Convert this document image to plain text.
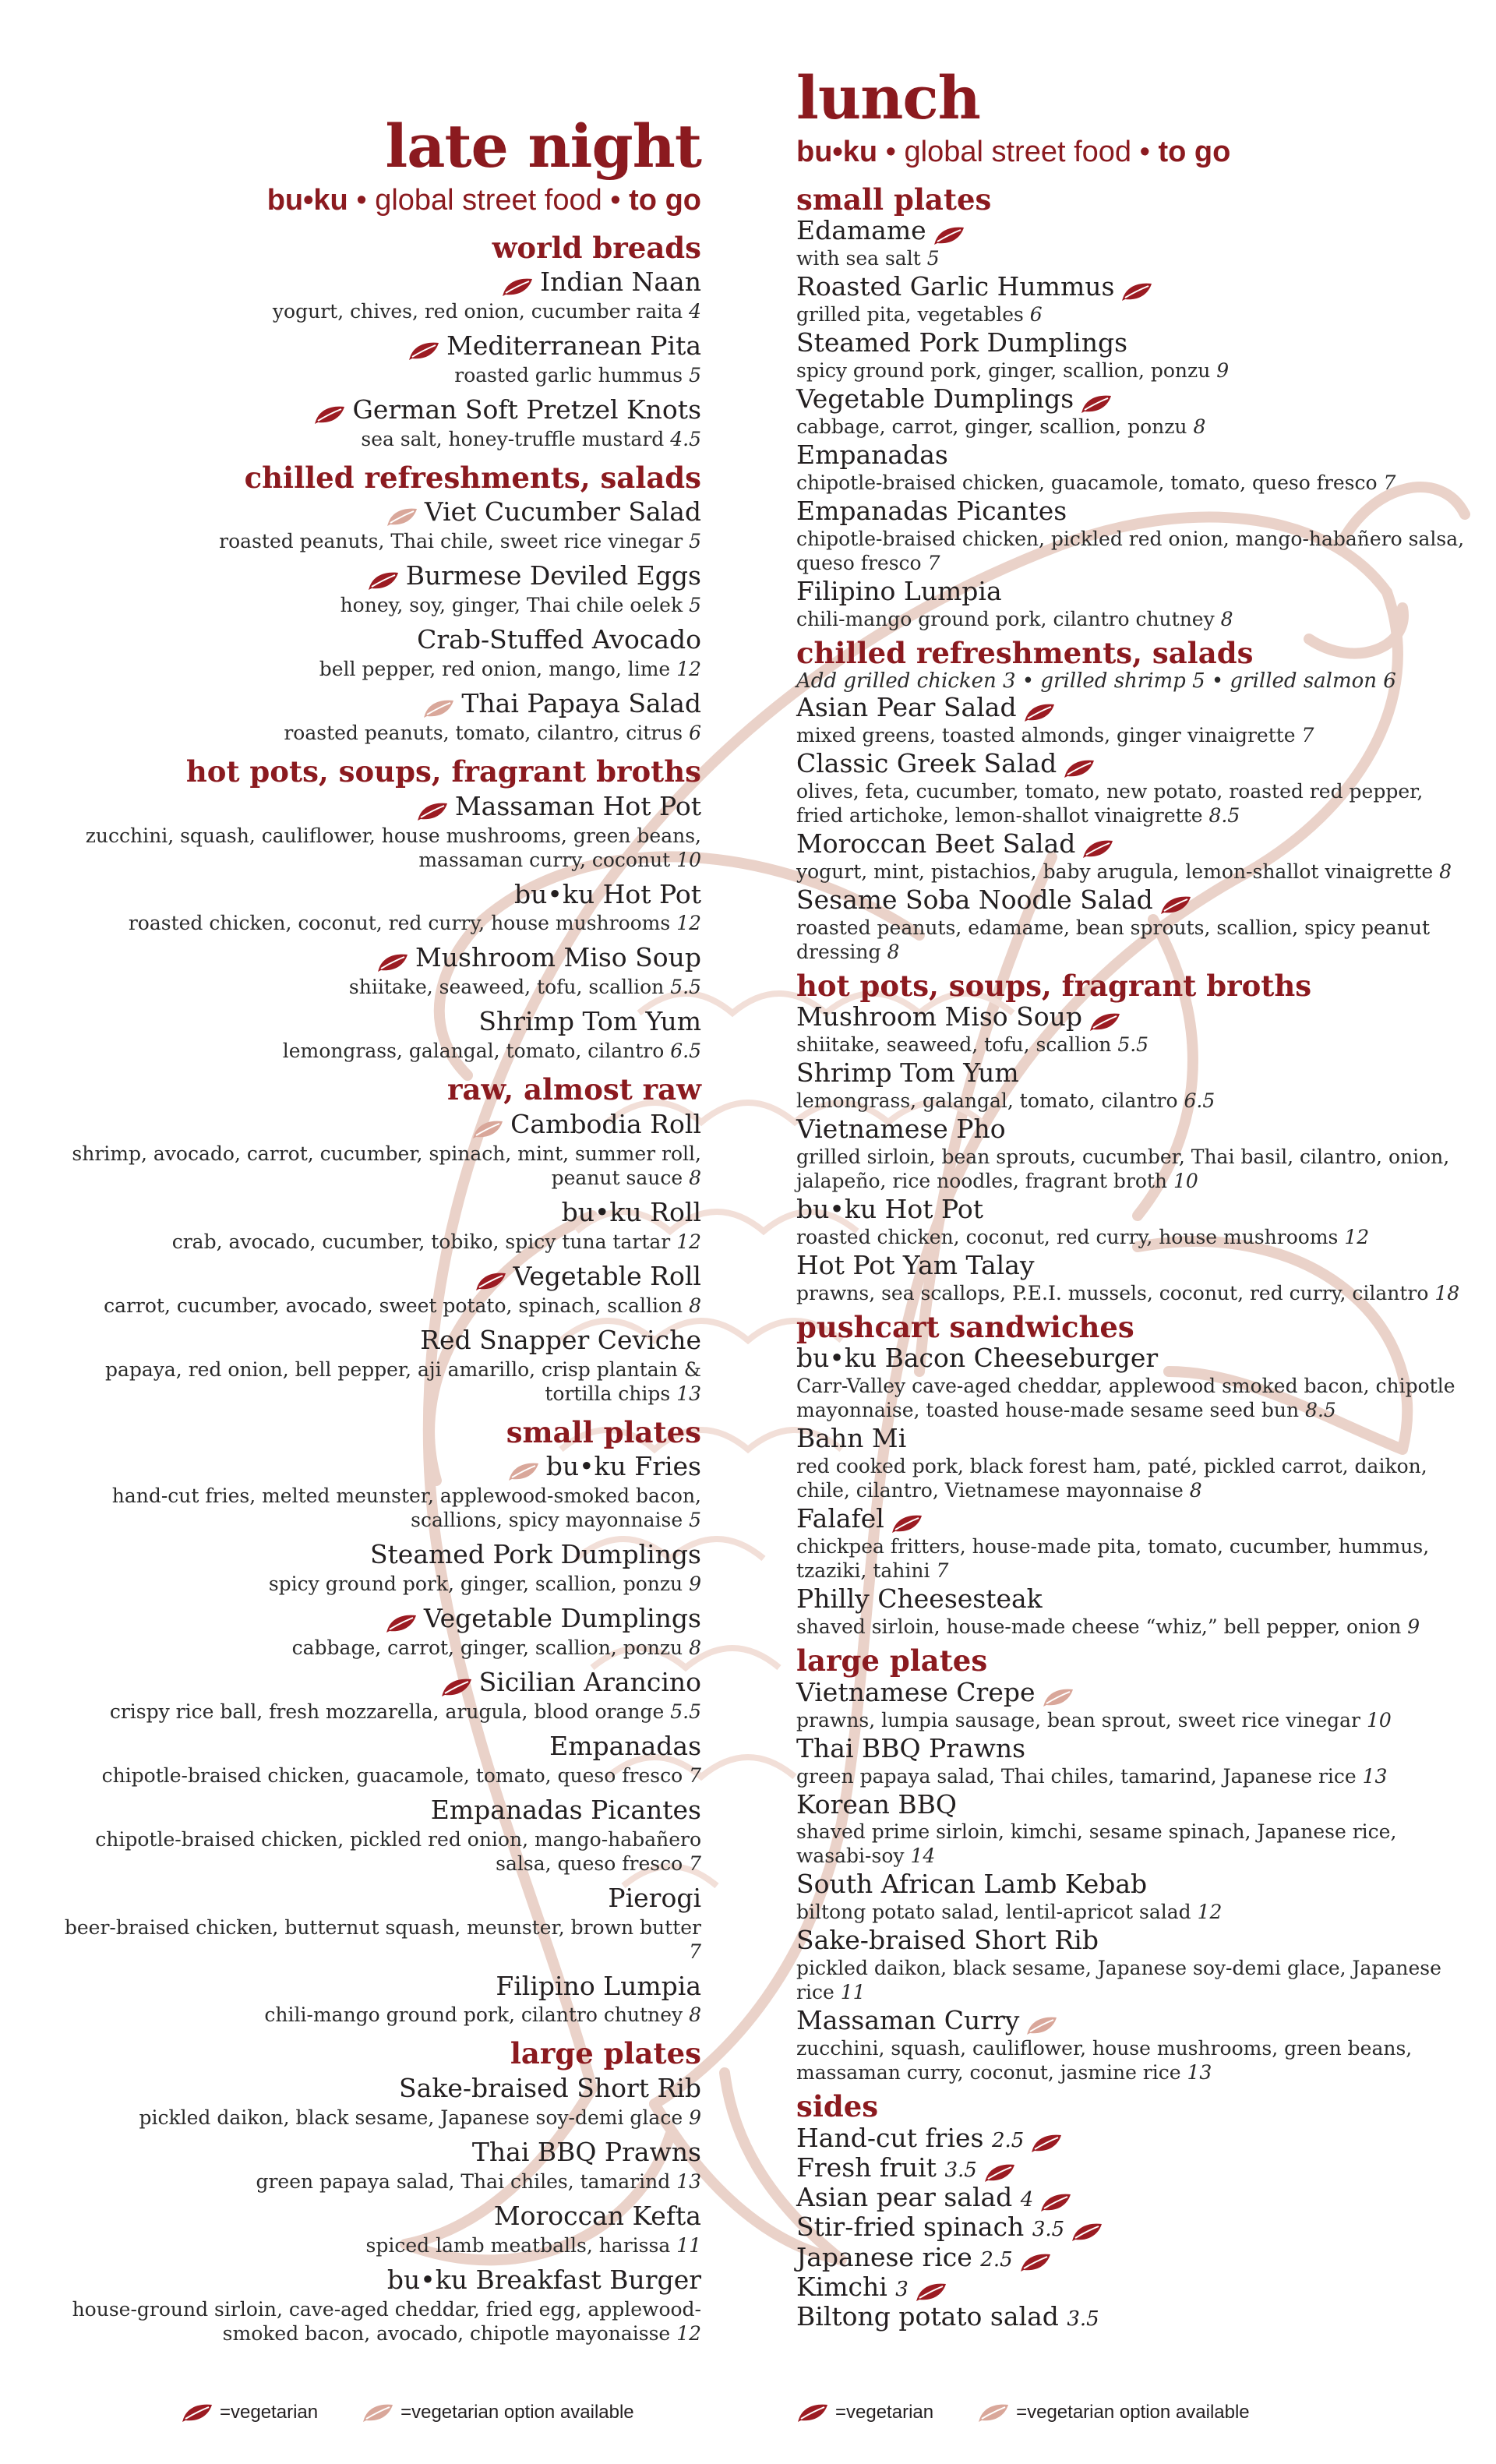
late night

bu•ku • global street food • to go

world breads

Indian Naan

yogurt, chives, red onion, cucumber raita 4

Mediterranean Pita

roasted garlic hummus 5

German Soft Pretzel Knots

sea salt, honey-truffle mustard 4.5

chilled refreshments, salads

Viet Cucumber Salad

roasted peanuts, Thai chile, sweet rice vinegar 5

Burmese Deviled Eggs

honey, soy, ginger, Thai chile oelek 5

Crab-Stuffed Avocado

bell pepper, red onion, mango, lime 12

Thai Papaya Salad

roasted peanuts, tomato, cilantro, citrus 6

hot pots, soups, fragrant broths

Massaman Hot Pot

zucchini, squash, cauliflower, house mushrooms, green beans, massaman curry, coconut 10

bu•ku Hot Pot

roasted chicken, coconut, red curry, house mushrooms 12

Mushroom Miso Soup

shiitake, seaweed, tofu, scallion 5.5

Shrimp Tom Yum

lemongrass, galangal, tomato, cilantro 6.5

raw, almost raw

Cambodia Roll

shrimp, avocado, carrot, cucumber, spinach, mint, summer roll, peanut sauce 8

bu•ku Roll

crab, avocado, cucumber, tobiko, spicy tuna tartar 12

Vegetable Roll

carrot, cucumber, avocado, sweet potato, spinach, scallion 8

Red Snapper Ceviche

papaya, red onion, bell pepper, aji amarillo, crisp plantain & tortilla chips 13

small plates

bu•ku Fries

hand-cut fries, melted meunster, applewood-smoked bacon, scallions, spicy mayonnaise 5

Steamed Pork Dumplings

spicy ground pork, ginger, scallion, ponzu 9

Vegetable Dumplings

cabbage, carrot, ginger, scallion, ponzu 8

Sicilian Arancino

crispy rice ball, fresh mozzarella, arugula, blood orange 5.5

Empanadas

chipotle-braised chicken, guacamole, tomato, queso fresco 7

Empanadas Picantes

chipotle-braised chicken, pickled red onion, mango-habañero salsa, queso fresco 7

Pierogi

beer-braised chicken, butternut squash, meunster, brown butter 7

Filipino Lumpia

chili-mango ground pork, cilantro chutney 8

large plates

Sake-braised Short Rib

pickled daikon, black sesame, Japanese soy-demi glace 9

Thai BBQ Prawns

green papaya salad, Thai chiles, tamarind 13

Moroccan Kefta

spiced lamb meatballs, harissa 11

bu•ku Breakfast Burger

house-ground sirloin, cave-aged cheddar, fried egg, applewood-smoked bacon, avocado, chipotle mayonaisse 12

lunch

bu•ku • global street food • to go

small plates

Edamame

with sea salt 5

Roasted Garlic Hummus

grilled pita, vegetables 6

Steamed Pork Dumplings

spicy ground pork, ginger, scallion, ponzu 9

Vegetable Dumplings

cabbage, carrot, ginger, scallion, ponzu 8

Empanadas

chipotle-braised chicken, guacamole, tomato, queso fresco 7

Empanadas Picantes

chipotle-braised chicken, pickled red onion, mango-habañero salsa, queso fresco 7

Filipino Lumpia

chili-mango ground pork, cilantro chutney 8

chilled refreshments, salads

Add grilled chicken 3 • grilled shrimp 5 • grilled salmon 6

Asian Pear Salad

mixed greens, toasted almonds, ginger vinaigrette 7

Classic Greek Salad

olives, feta, cucumber, tomato, new potato, roasted red pepper, fried artichoke, lemon-shallot vinaigrette 8.5

Moroccan Beet Salad

yogurt, mint, pistachios, baby arugula, lemon-shallot vinaigrette 8

Sesame Soba Noodle Salad

roasted peanuts, edamame, bean sprouts, scallion, spicy peanut dressing 8

hot pots, soups, fragrant broths

Mushroom Miso Soup

shiitake, seaweed, tofu, scallion 5.5

Shrimp Tom Yum

lemongrass, galangal, tomato, cilantro 6.5

Vietnamese Pho

grilled sirloin, bean sprouts, cucumber, Thai basil, cilantro, onion, jalapeño, rice noodles, fragrant broth 10

bu•ku Hot Pot

roasted chicken, coconut, red curry, house mushrooms 12

Hot Pot Yam Talay

prawns, sea scallops, P.E.I. mussels, coconut, red curry, cilantro 18

pushcart sandwiches

bu•ku Bacon Cheeseburger

Carr-Valley cave-aged cheddar, applewood smoked bacon, chipotle mayonnaise, toasted house-made sesame seed bun 8.5

Bahn Mi

red cooked pork, black forest ham, paté, pickled carrot, daikon, chile, cilantro, Vietnamese mayonnaise 8

Falafel

chickpea fritters, house-made pita, tomato, cucumber, hummus, tzaziki, tahini 7

Philly Cheesesteak

shaved sirloin, house-made cheese “whiz,” bell pepper, onion 9

large plates

Vietnamese Crepe

prawns, lumpia sausage, bean sprout, sweet rice vinegar 10

Thai BBQ Prawns

green papaya salad, Thai chiles, tamarind, Japanese rice 13

Korean BBQ

shaved prime sirloin, kimchi, sesame spinach, Japanese rice, wasabi-soy 14

South African Lamb Kebab

biltong potato salad, lentil-apricot salad 12

Sake-braised Short Rib

pickled daikon, black sesame, Japanese soy-demi glace, Japanese rice 11

Massaman Curry

zucchini, squash, cauliflower, house mushrooms, green beans, massaman curry, coconut, jasmine rice 13

sides

Hand-cut fries 2.5

Fresh fruit 3.5

Asian pear salad 4

Stir-fried spinach 3.5

Japanese rice 2.5

Kimchi 3

Biltong potato salad 3.5

=vegetarian	=vegetarian option available	=vegetarian	=vegetarian option available
